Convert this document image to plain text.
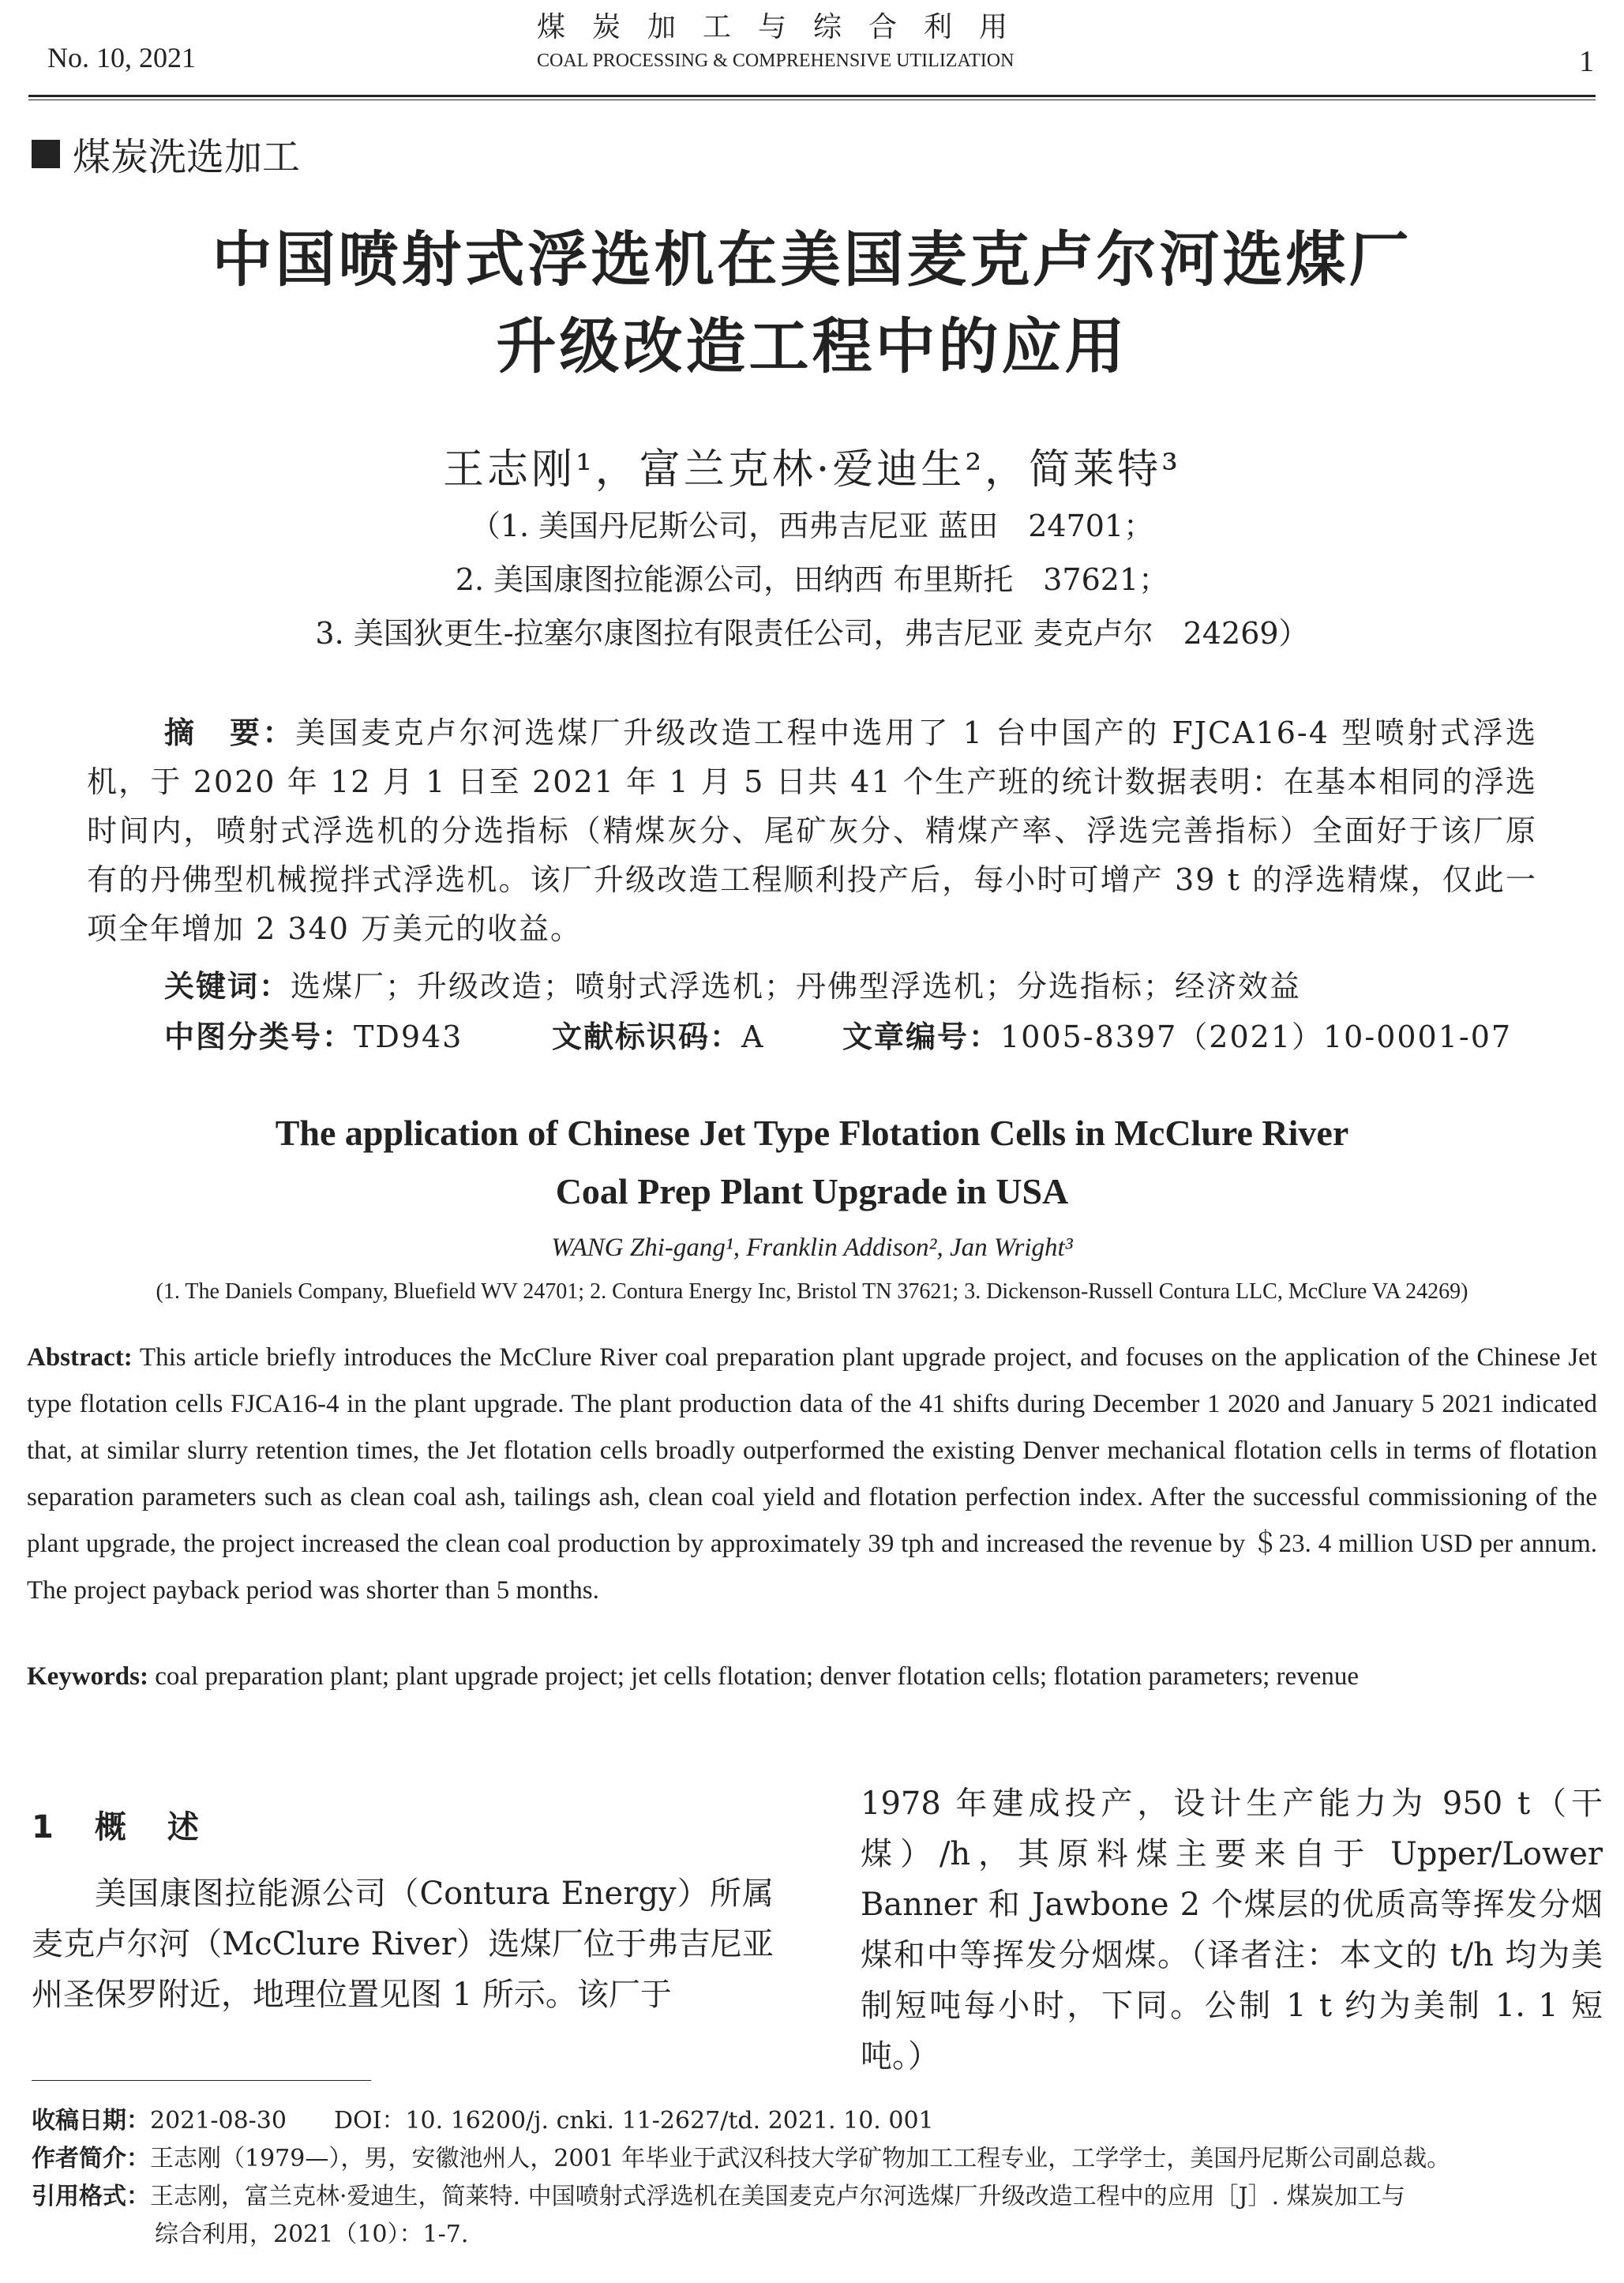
No. 10, 2021
煤炭加工与综合利用
COAL PROCESSING & COMPREHENSIVE UTILIZATION	1
煤炭洗选加工
中国喷射式浮选机在美国麦克卢尔河选煤厂
升级改造工程中的应用
王志刚¹，富兰克林·爱迪生²，简莱特³
（1. 美国丹尼斯公司，西弗吉尼亚 蓝田　24701；
2. 美国康图拉能源公司，田纳西 布里斯托　37621；
3. 美国狄更生-拉塞尔康图拉有限责任公司，弗吉尼亚 麦克卢尔　24269）
摘　要：美国麦克卢尔河选煤厂升级改造工程中选用了 1 台中国产的 FJCA16-4 型喷射式浮选机，于 2020 年 12 月 1 日至 2021 年 1 月 5 日共 41 个生产班的统计数据表明：在基本相同的浮选时间内，喷射式浮选机的分选指标（精煤灰分、尾矿灰分、精煤产率、浮选完善指标）全面好于该厂原有的丹佛型机械搅拌式浮选机。该厂升级改造工程顺利投产后，每小时可增产 39 t 的浮选精煤，仅此一项全年增加 2 340 万美元的收益。
关键词：选煤厂；升级改造；喷射式浮选机；丹佛型浮选机；分选指标；经济效益
中图分类号：TD943	文献标识码：A	文章编号：1005-8397（2021）10-0001-07
The application of Chinese Jet Type Flotation Cells in McClure River
Coal Prep Plant Upgrade in USA
WANG Zhi-gang¹, Franklin Addison², Jan Wright³
(1. The Daniels Company, Bluefield WV 24701; 2. Contura Energy Inc, Bristol TN 37621; 3. Dickenson-Russell Contura LLC, McClure VA 24269)
Abstract: This article briefly introduces the McClure River coal preparation plant upgrade project, and focuses on the application of the Chinese Jet type flotation cells FJCA16-4 in the plant upgrade. The plant production data of the 41 shifts during December 1 2020 and January 5 2021 indicated that, at similar slurry retention times, the Jet flotation cells broadly outperformed the existing Denver mechanical flotation cells in terms of flotation separation parameters such as clean coal ash, tailings ash, clean coal yield and flotation perfection index. After the successful commissioning of the plant upgrade, the project increased the clean coal production by approximately 39 tph and increased the revenue by ＄23. 4 million USD per annum. The project payback period was shorter than 5 months.
Keywords: coal preparation plant; plant upgrade project; jet cells flotation; denver flotation cells; flotation parameters; revenue
1　概　述
美国康图拉能源公司（Contura Energy）所属麦克卢尔河（McClure River）选煤厂位于弗吉尼亚州圣保罗附近，地理位置见图 1 所示。该厂于
1978 年建成投产，设计生产能力为 950 t（干煤）/h，其原料煤主要来自于 Upper/Lower Banner 和 Jawbone 2 个煤层的优质高等挥发分烟煤和中等挥发分烟煤。（译者注：本文的 t/h 均为美制短吨每小时，下同。公制 1 t 约为美制 1. 1 短吨。）
收稿日期：2021-08-30　　 DOI：10. 16200/j. cnki. 11-2627/td. 2021. 10. 001
作者简介：王志刚（1979—），男，安徽池州人，2001 年毕业于武汉科技大学矿物加工工程专业，工学学士，美国丹尼斯公司副总裁。
引用格式：王志刚，富兰克林·爱迪生，简莱特. 中国喷射式浮选机在美国麦克卢尔河选煤厂升级改造工程中的应用［J］. 煤炭加工与
综合利用，2021（10）：1-7.
